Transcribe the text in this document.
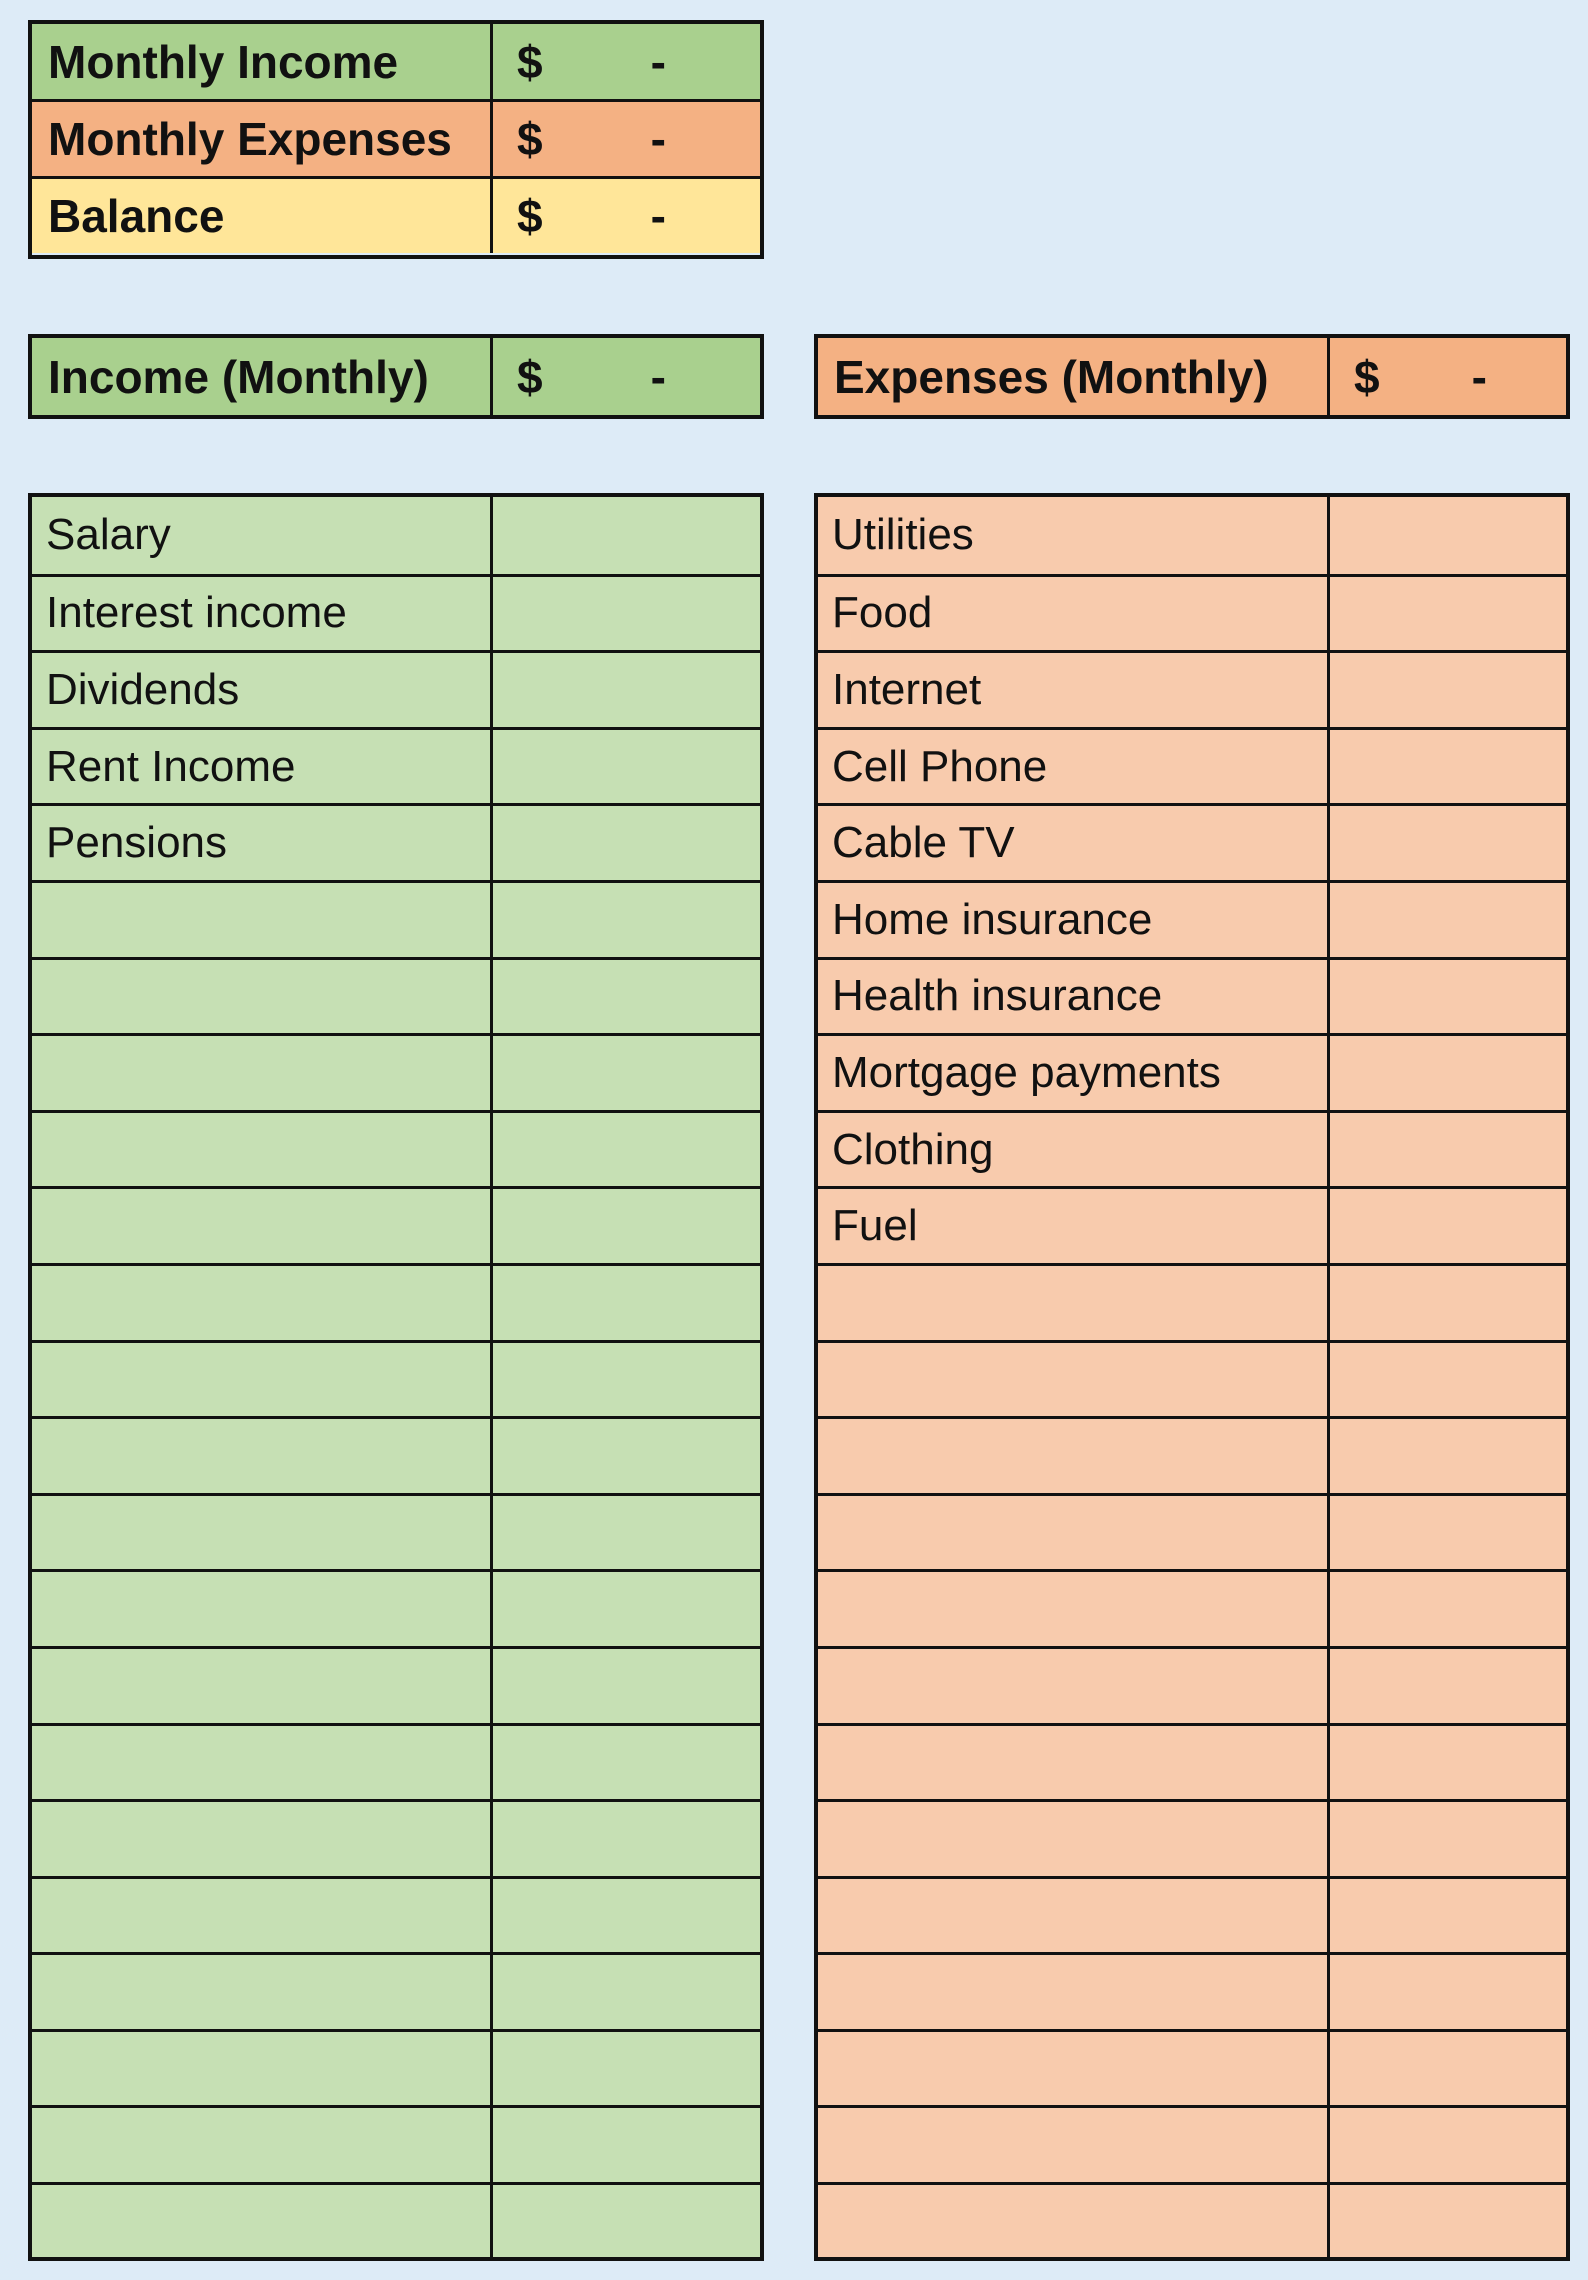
Monthly Income	$ -
Monthly Expenses	$ -
Balance	$ -
Income (Monthly)	$ -	Expenses (Monthly)	$ -
Salary
Interest income
Dividends
Rent Income
Pensions
Utilities
Food
Internet
Cell Phone
Cable TV
Home insurance
Health insurance
Mortgage payments
Clothing
Fuel
